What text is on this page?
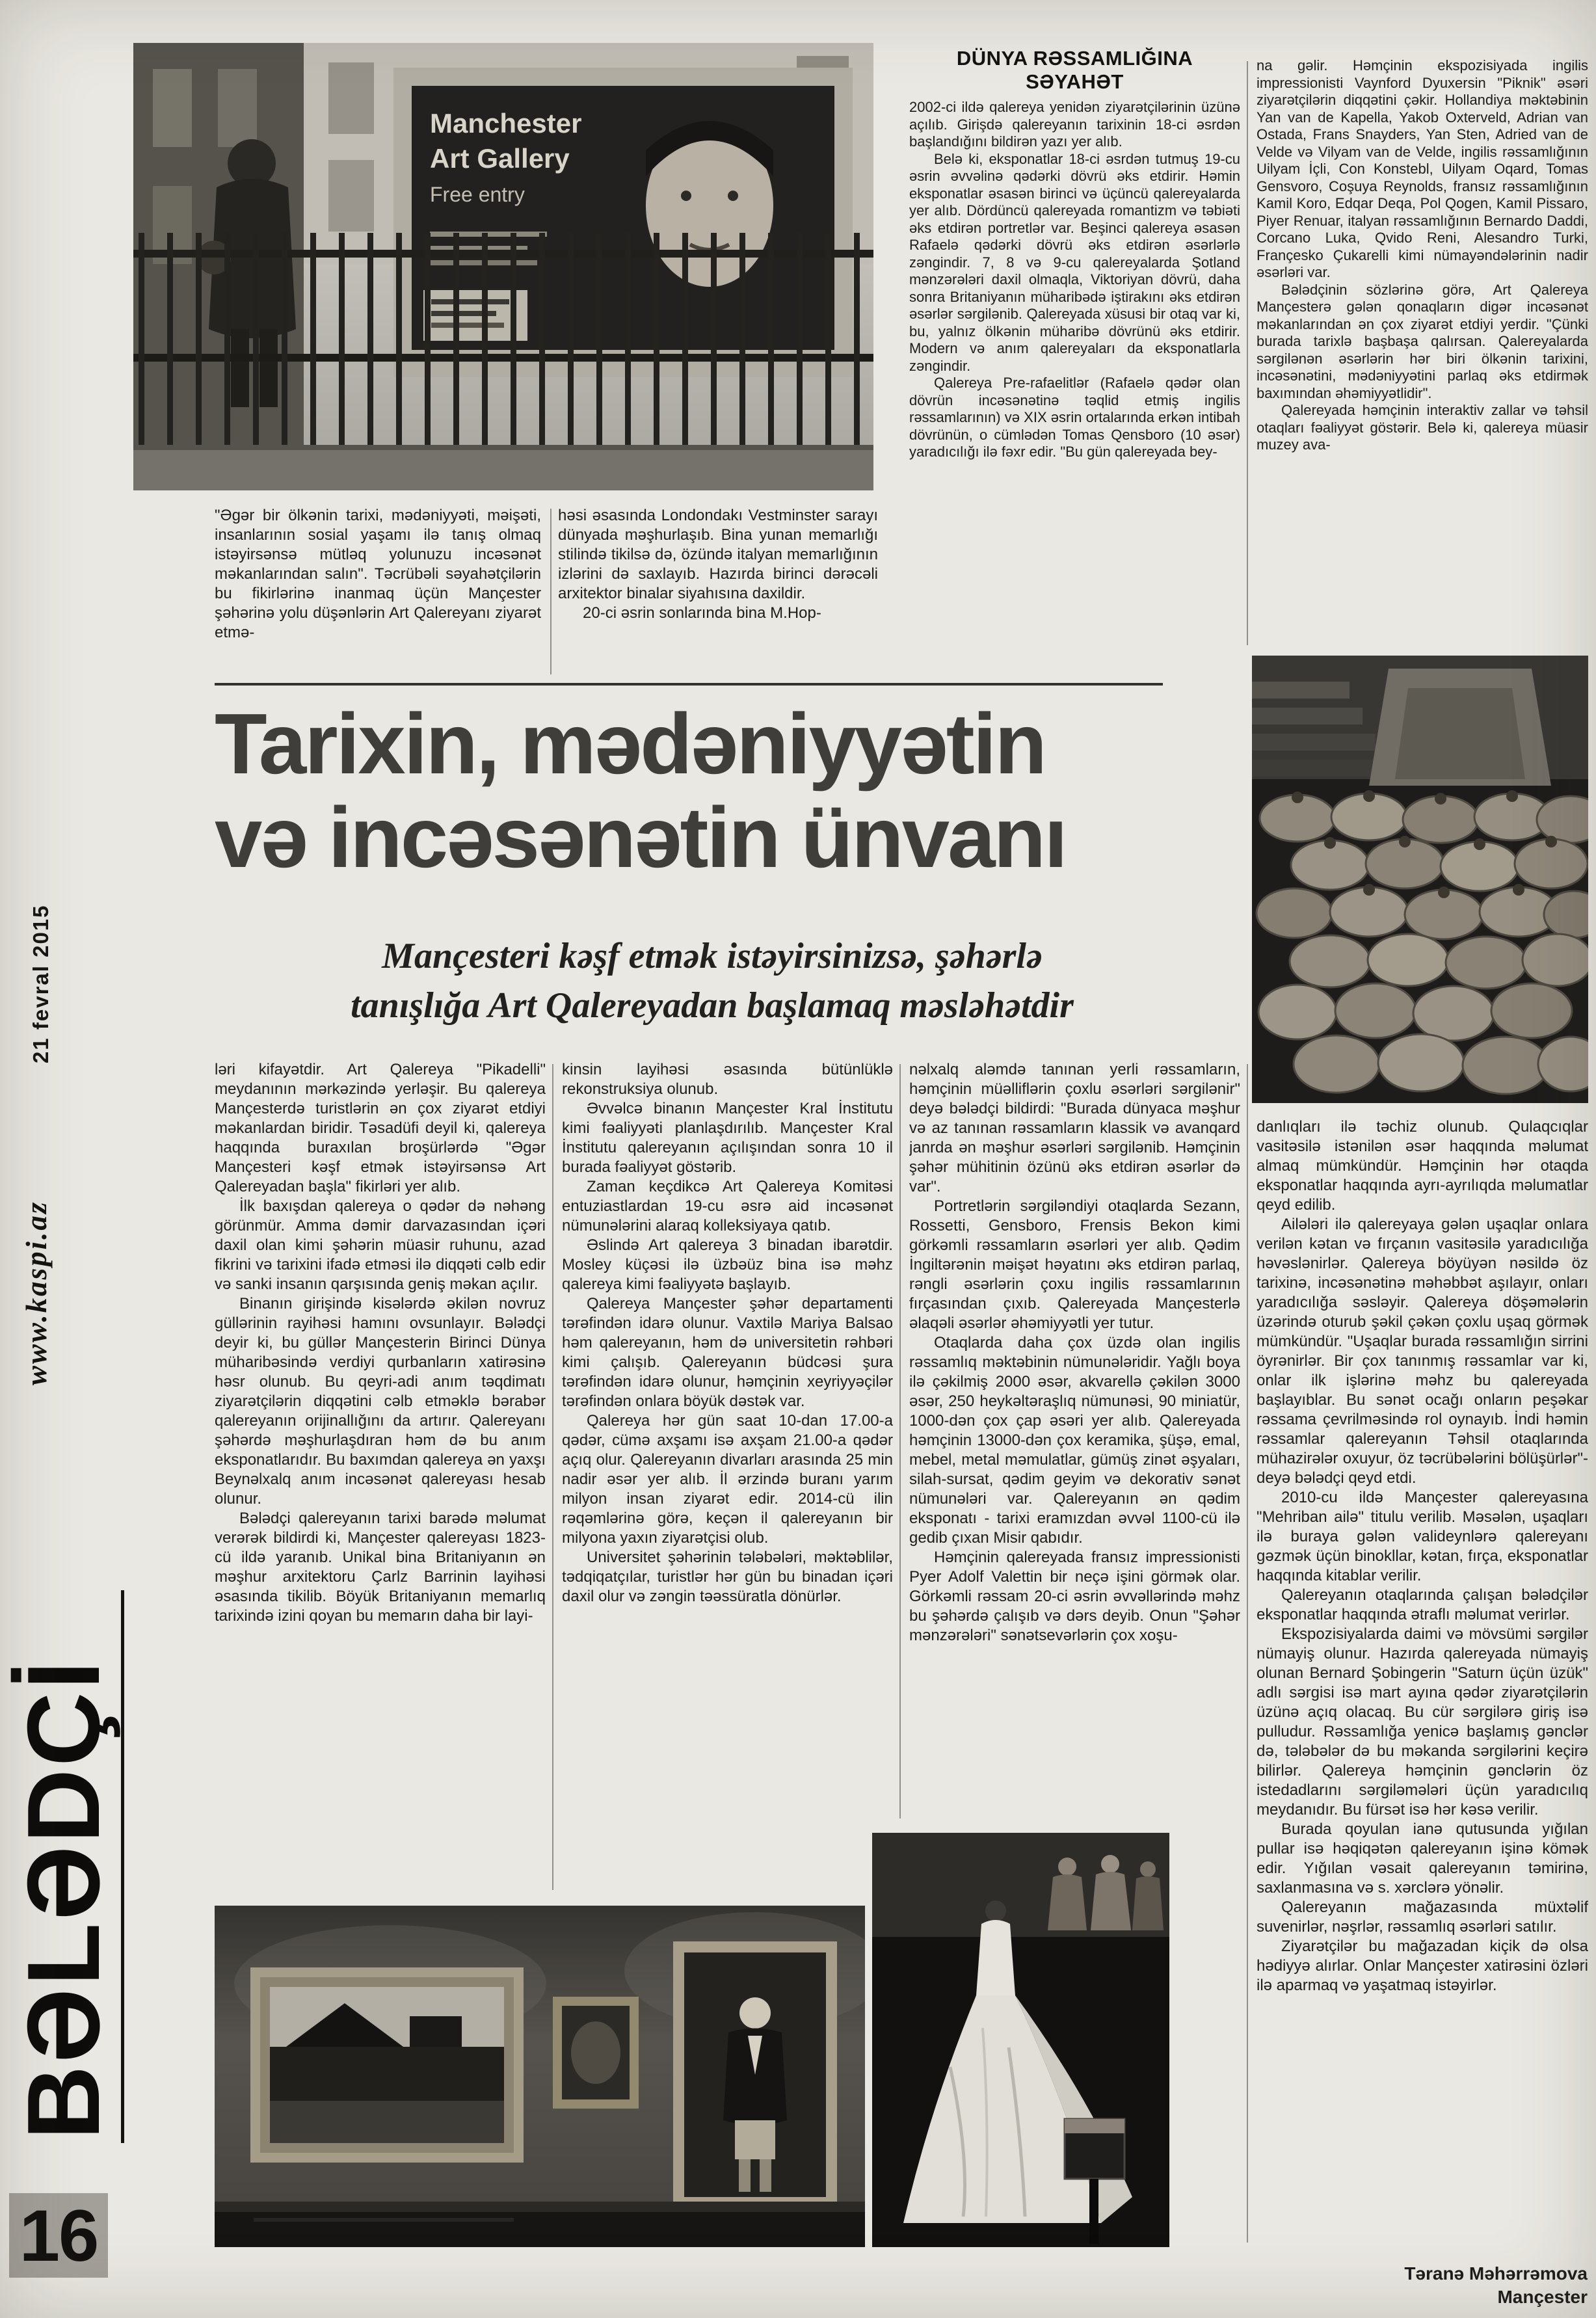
21 fevral 2015
www.kaspi.az
BƏLƏDÇİ
16
Manchester
Art Gallery
Free entry
DÜNYA RƏSSAMLIĞINA SƏYAHƏT
Tarixin, mədəniyyətin
və incəsənətin ünvanı
Mançesteri kəşf etmək istəyirsinizsə, şəhərlə
tanışlığa Art Qalereyadan başlamaq məsləhətdir

"Əgər bir ölkənin tarixi, mədəniyyəti, məişəti, insanlarının sosial yaşamı ilə tanış olmaq istəyirsənsə mütləq yolunuzu incəsənət məkanlarından salın". Təcrübəli səyahətçilərin bu fikirlərinə inanmaq üçün Mançester şəhərinə yolu düşənlərin Art Qalereyanı ziyarət etmə-

həsi əsasında Londondakı Vestminster sarayı dünyada məşhurlaşıb. Bina yunan memarlığı stilində tikilsə də, özündə italyan memarlığının izlərini də saxlayıb. Hazırda birinci dərəcəli arxitektor binalar siyahısına daxildir.

20-ci əsrin sonlarında bina M.Hop-

2002-ci ildə qalereya yenidən ziyarətçilərinin üzünə açılıb. Girişdə qalereyanın tarixinin 18-ci əsrdən başlandığını bildirən yazı yer alıb.

Belə ki, eksponatlar 18-ci əsrdən tutmuş 19-cu əsrin əvvəlinə qədərki dövrü əks etdirir. Həmin eksponatlar əsasən birinci və üçüncü qalereyalarda yer alıb. Dördüncü qalereyada romantizm və təbiəti əks etdirən portretlər var. Beşinci qalereya əsasən Rafaelə qədərki dövrü əks etdirən əsərlərlə zəngindir. 7, 8 və 9-cu qalereyalarda Şotland mənzərələri daxil olmaqla, Viktoriyan dövrü, daha sonra Britaniyanın müharibədə iştirakını əks etdirən əsərlər sərgilənib. Qalereyada xüsusi bir otaq var ki, bu, yalnız ölkənin müharibə dövrünü əks etdirir. Modern və anım qalereyaları da eksponatlarla zəngindir.

Qalereya Pre-rafaelitlər (Rafaelə qədər olan dövrün incəsənətinə təqlid etmiş ingilis rəssamlarının) və XIX əsrin ortalarında erkən intibah dövrünün, o cümlədən Tomas Qensboro (10 əsər) yaradıcılığı ilə fəxr edir. "Bu gün qalereyada bey-

na gəlir. Həmçinin ekspozisiyada ingilis impressionisti Vaynford Dyuxersin "Piknik" əsəri ziyarətçilərin diqqətini çəkir. Hollandiya məktəbinin Yan van de Kapella, Yakob Oxterveld, Adrian van Ostada, Frans Snayders, Yan Sten, Adried van de Velde və Vilyam van de Velde, ingilis rəssamlığının Uilyam İçli, Con Konstebl, Uilyam Oqard, Tomas Gensvoro, Coşuya Reynolds, fransız rəssamlığının Kamil Koro, Edqar Deqa, Pol Qogen, Kamil Pissaro, Piyer Renuar, italyan rəssamlığının Bernardo Daddi, Corcano Luka, Qvido Reni, Alesandro Turki, Françesko Çukarelli kimi nümayəndələrinin nadir əsərləri var.

Bələdçinin sözlərinə görə, Art Qalereya Mançesterə gələn qonaqların digər incəsənət məkanlarından ən çox ziyarət etdiyi yerdir. "Çünki burada tarixlə başbaşa qalırsan. Qalereyalarda sərgilənən əsərlərin hər biri ölkənin tarixini, incəsənətini, mədəniyyətini parlaq əks etdirmək baxımından əhəmiyyətlidir".

Qalereyada həmçinin interaktiv zallar və təhsil otaqları fəaliyyət göstərir. Belə ki, qalereya müasir muzey ava-

ləri kifayətdir. Art Qalereya "Pikadelli" meydanının mərkəzində yerləşir. Bu qalereya Mançesterdə turistlərin ən çox ziyarət etdiyi məkanlardan biridir. Təsadüfi deyil ki, qalereya haqqında buraxılan broşürlərdə "Əgər Mançesteri kəşf etmək istəyirsənsə Art Qalereyadan başla" fikirləri yer alıb.

İlk baxışdan qalereya o qədər də nəhəng görünmür. Amma dəmir darvazasından içəri daxil olan kimi şəhərin müasir ruhunu, azad fikrini və tarixini ifadə etməsi ilə diqqəti cəlb edir və sanki insanın qarşısında geniş məkan açılır.

Binanın girişində kisələrdə əkilən novruz güllərinin rayihəsi hamını ovsunlayır. Bələdçi deyir ki, bu güllər Mançesterin Birinci Dünya müharibəsində verdiyi qurbanların xatirəsinə həsr olunub. Bu qeyri-adi anım təqdimatı ziyarətçilərin diqqətini cəlb etməklə bərabər qalereyanın orijinallığını da artırır. Qalereyanı şəhərdə məşhurlaşdıran həm də bu anım eksponatlarıdır. Bu baxımdan qalereya ən yaxşı Beynəlxalq anım incəsənət qalereyası hesab olunur.

Bələdçi qalereyanın tarixi barədə məlumat verərək bildirdi ki, Mançester qalereyası 1823-cü ildə yaranıb. Unikal bina Britaniyanın ən məşhur arxitektoru Çarlz Barrinin layihəsi əsasında tikilib. Böyük Britaniyanın memarlıq tarixində izini qoyan bu memarın daha bir layi-

kinsin layihəsi əsasında bütünlüklə rekonstruksiya olunub.

Əvvəlcə binanın Mançester Kral İnstitutu kimi fəaliyyəti planlaşdırılıb. Mançester Kral İnstitutu qalereyanın açılışından sonra 10 il burada fəaliyyət göstərib.

Zaman keçdikcə Art Qalereya Komitəsi entuziastlardan 19-cu əsrə aid incəsənət nümunələrini alaraq kolleksiyaya qatıb.

Əslində Art qalereya 3 binadan ibarətdir. Mosley küçəsi ilə üzbəüz bina isə məhz qalereya kimi fəaliyyətə başlayıb.

Qalereya Mançester şəhər departamenti tərəfindən idarə olunur. Vaxtilə Mariya Balsao həm qalereyanın, həm də universitetin rəhbəri kimi çalışıb. Qalereyanın büdcəsi şura tərəfindən idarə olunur, həmçinin xeyriyyəçilər tərəfindən onlara böyük dəstək var.

Qalereya hər gün saat 10-dan 17.00-a qədər, cümə axşamı isə axşam 21.00-a qədər açıq olur. Qalereyanın divarları arasında 25 min nadir əsər yer alıb. İl ərzində buranı yarım milyon insan ziyarət edir. 2014-cü ilin rəqəmlərinə görə, keçən il qalereyanın bir milyona yaxın ziyarətçisi olub.

Universitet şəhərinin tələbələri, məktəblilər, tədqiqatçılar, turistlər hər gün bu binadan içəri daxil olur və zəngin təəssüratla dönürlər.

nəlxalq aləmdə tanınan yerli rəssamların, həmçinin müəlliflərin çoxlu əsərləri sərgilənir" deyə bələdçi bildirdi: "Burada dünyaca məşhur və az tanınan rəssamların klassik və avanqard janrda ən məşhur əsərləri sərgilənib. Həmçinin şəhər mühitinin özünü əks etdirən əsərlər də var".

Portretlərin sərgiləndiyi otaqlarda Sezann, Rossetti, Gensboro, Frensis Bekon kimi görkəmli rəssamların əsərləri yer alıb. Qədim İngiltərənin məişət həyatını əks etdirən parlaq, rəngli əsərlərin çoxu ingilis rəssamlarının fırçasından çıxıb. Qalereyada Mançesterlə əlaqəli əsərlər əhəmiyyətli yer tutur.

Otaqlarda daha çox üzdə olan ingilis rəssamlıq məktəbinin nümunələridir. Yağlı boya ilə çəkilmiş 2000 əsər, akvarellə çəkilən 3000 əsər, 250 heykəltəraşlıq nümunəsi, 90 miniatür, 1000-dən çox çap əsəri yer alıb. Qalereyada həmçinin 13000-dən çox keramika, şüşə, emal, mebel, metal məmulatlar, gümüş zinət əşyaları, silah-sursat, qədim geyim və dekorativ sənət nümunələri var. Qalereyanın ən qədim eksponatı - tarixi eramızdan əvvəl 1100-cü ilə gedib çıxan Misir qabıdır.

Həmçinin qalereyada fransız impressionisti Pyer Adolf Valettin bir neçə işini görmək olar. Görkəmli rəssam 20-ci əsrin əvvəllərində məhz bu şəhərdə çalışıb və dərs deyib. Onun "Şəhər mənzərələri" sənətsevərlərin çox xoşu-

danlıqları ilə təchiz olunub. Qulaqcıqlar vasitəsilə istənilən əsər haqqında məlumat almaq mümkündür. Həmçinin hər otaqda eksponatlar haqqında ayrı-ayrılıqda məlumatlar qeyd edilib.

Ailələri ilə qalereyaya gələn uşaqlar onlara verilən kətan və fırçanın vasitəsilə yaradıcılığa həvəslənirlər. Qalereya böyüyən nəsildə öz tarixinə, incəsənətinə məhəbbət aşılayır, onları yaradıcılığa səsləyir. Qalereya döşəmələrin üzərində oturub şəkil çəkən çoxlu uşaq görmək mümkündür. "Uşaqlar burada rəssamlığın sirrini öyrənirlər. Bir çox tanınmış rəssamlar var ki, onlar ilk işlərinə məhz bu qalereyada başlayıblar. Bu sənət ocağı onların peşəkar rəssama çevrilməsində rol oynayıb. İndi həmin rəssamlar qalereyanın Təhsil otaqlarında mühazirələr oxuyur, öz təcrübələrini bölüşürlər"- deyə bələdçi qeyd etdi.

2010-cu ildə Mançester qalereyasına "Mehriban ailə" titulu verilib. Məsələn, uşaqları ilə buraya gələn valideynlərə qalereyanı gəzmək üçün binokllar, kətan, fırça, eksponatlar haqqında kitablar verilir.

Qalereyanın otaqlarında çalışan bələdçilər eksponatlar haqqında ətraflı məlumat verirlər.

Ekspozisiyalarda daimi və mövsümi sərgilər nümayiş olunur. Hazırda qalereyada nümayiş olunan Bernard Şobingerin "Saturn üçün üzük" adlı sərgisi isə mart ayına qədər ziyarətçilərin üzünə açıq olacaq. Bu cür sərgilərə giriş isə pulludur. Rəssamlığa yenicə başlamış gənclər də, tələbələr də bu məkanda sərgilərini keçirə bilirlər. Qalereya həmçinin gənclərin öz istedadlarını sərgiləmələri üçün yaradıcılıq meydanıdır. Bu fürsət isə hər kəsə verilir.

Burada qoyulan ianə qutusunda yığılan pullar isə həqiqətən qalereyanın işinə kömək edir. Yığılan vəsait qalereyanın təmirinə, saxlanmasına və s. xərclərə yönəlir.

Qalereyanın mağazasında müxtəlif suvenirlər, nəşrlər, rəssamlıq əsərləri satılır.

Ziyarətçilər bu mağazadan kiçik də olsa hədiyyə alırlar. Onlar Mançester xatirəsini özləri ilə aparmaq və yaşatmaq istəyirlər.

Təranə Məhərrəmova
Mançester
